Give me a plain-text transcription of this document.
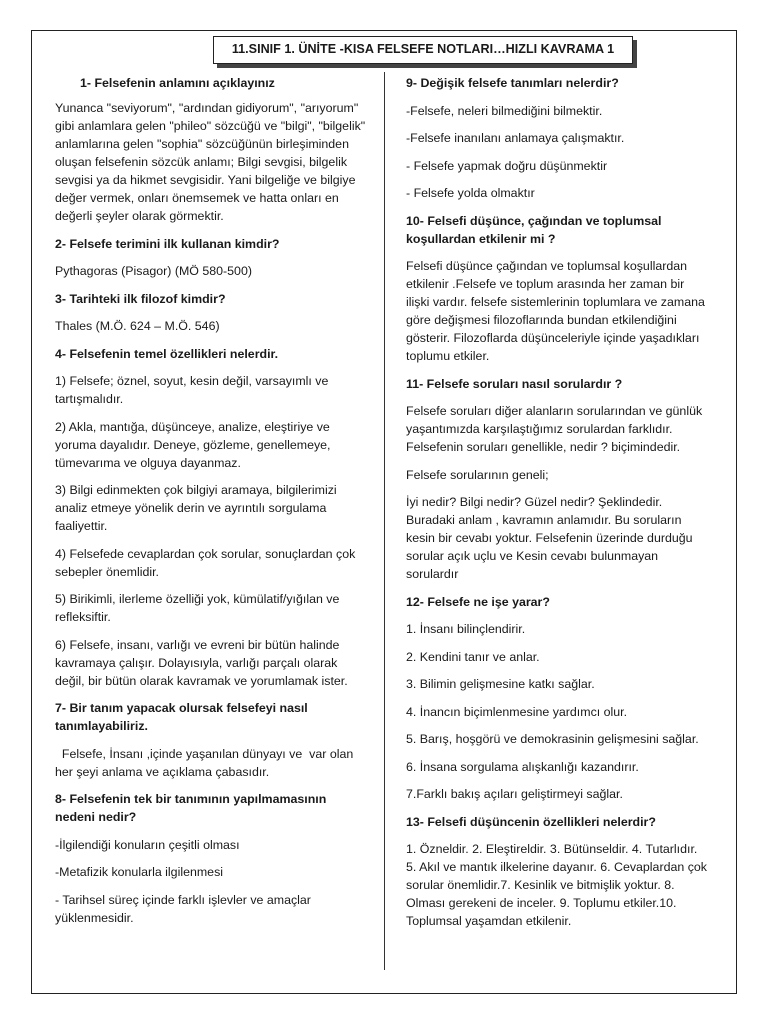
11.SINIF 1. ÜNİTE -KISA FELSEFE NOTLARI…HIZLI KAVRAMA 1

1- Felsefenin anlamını açıklayınız

Yunanca "seviyorum", "ardından gidiyorum", "arıyorum" gibi anlamlara gelen "phileo" sözcüğü ve "bilgi", "bilgelik" anlamlarına gelen "sophia" sözcüğünün birleşiminden oluşan felsefenin sözcük anlamı; Bilgi sevgisi, bilgelik sevgisi ya da hikmet sevgisidir. Yani bilgeliğe ve bilgiye değer vermek, onları önemsemek ve hatta onları en değerli şeyler olarak görmektir.

2- Felsefe terimini ilk kullanan kimdir?

Pythagoras (Pisagor) (MÖ 580-500)

3- Tarihteki ilk filozof kimdir?

Thales (M.Ö. 624 – M.Ö. 546)

4- Felsefenin temel özellikleri nelerdir.

1) Felsefe; öznel, soyut, kesin değil, varsayımlı ve tartışmalıdır.

2) Akla, mantığa, düşünceye, analize, eleştiriye ve yoruma dayalıdır. Deneye, gözleme, genellemeye, tümevarıma ve olguya dayanmaz.

3) Bilgi edinmekten çok bilgiyi aramaya, bilgilerimizi analiz etmeye yönelik derin ve ayrıntılı sorgulama faaliyettir.

4) Felsefede cevaplardan çok sorular, sonuçlardan çok sebepler önemlidir.

5) Birikimli, ilerleme özelliği yok, kümülatif/yığılan ve refleksiftir.

6) Felsefe, insanı, varlığı ve evreni bir bütün halinde kavramaya çalışır. Dolayısıyla, varlığı parçalı olarak değil, bir bütün olarak kavramak ve yorumlamak ister.

7- Bir tanım yapacak olursak felsefeyi nasıl tanımlayabiliriz.

Felsefe, İnsanı ,içinde yaşanılan dünyayı ve  var olan her şeyi anlama ve açıklama çabasıdır.

8- Felsefenin tek bir tanımının yapılmamasının nedeni nedir?

-İlgilendiği konuların çeşitli olması

-Metafizik konularla ilgilenmesi

- Tarihsel süreç içinde farklı işlevler ve amaçlar yüklenmesidir.

9- Değişik felsefe tanımları nelerdir?

-Felsefe, neleri bilmediğini bilmektir.

-Felsefe inanılanı anlamaya çalışmaktır.

- Felsefe yapmak doğru düşünmektir

- Felsefe yolda olmaktır

10- Felsefi düşünce, çağından ve toplumsal koşullardan etkilenir mi ?

Felsefi düşünce çağından ve toplumsal koşullardan etkilenir .Felsefe ve toplum arasında her zaman bir ilişki vardır. felsefe sistemlerinin toplumlara ve zamana göre değişmesi filozoflarında bundan etkilendiğini gösterir. Filozoflarda düşünceleriyle içinde yaşadıkları toplumu etkiler.

11- Felsefe soruları nasıl sorulardır ?

Felsefe soruları diğer alanların sorularından ve günlük yaşantımızda karşılaştığımız sorulardan farklıdır. Felsefenin soruları genellikle, nedir ? biçimindedir.

Felsefe sorularının geneli;

İyi nedir? Bilgi nedir? Güzel nedir? Şeklindedir. Buradaki anlam , kavramın anlamıdır. Bu soruların kesin bir cevabı yoktur. Felsefenin üzerinde durduğu sorular açık uçlu ve Kesin cevabı bulunmayan sorulardır

12- Felsefe ne işe yarar?

1. İnsanı bilinçlendirir.

2. Kendini tanır ve anlar.

3. Bilimin gelişmesine katkı sağlar.

4. İnancın biçimlenmesine yardımcı olur.

5. Barış, hoşgörü ve demokrasinin gelişmesini sağlar.

6. İnsana sorgulama alışkanlığı kazandırır.

7.Farklı bakış açıları geliştirmeyi sağlar.

13- Felsefi düşüncenin özellikleri nelerdir?

1. Özneldir. 2. Eleştireldir. 3. Bütünseldir. 4. Tutarlıdır. 5. Akıl ve mantık ilkelerine dayanır. 6. Cevaplardan çok sorular önemlidir.7. Kesinlik ve bitmişlik yoktur. 8. Olması gerekeni de inceler. 9. Toplumu etkiler.10. Toplumsal yaşamdan etkilenir.
